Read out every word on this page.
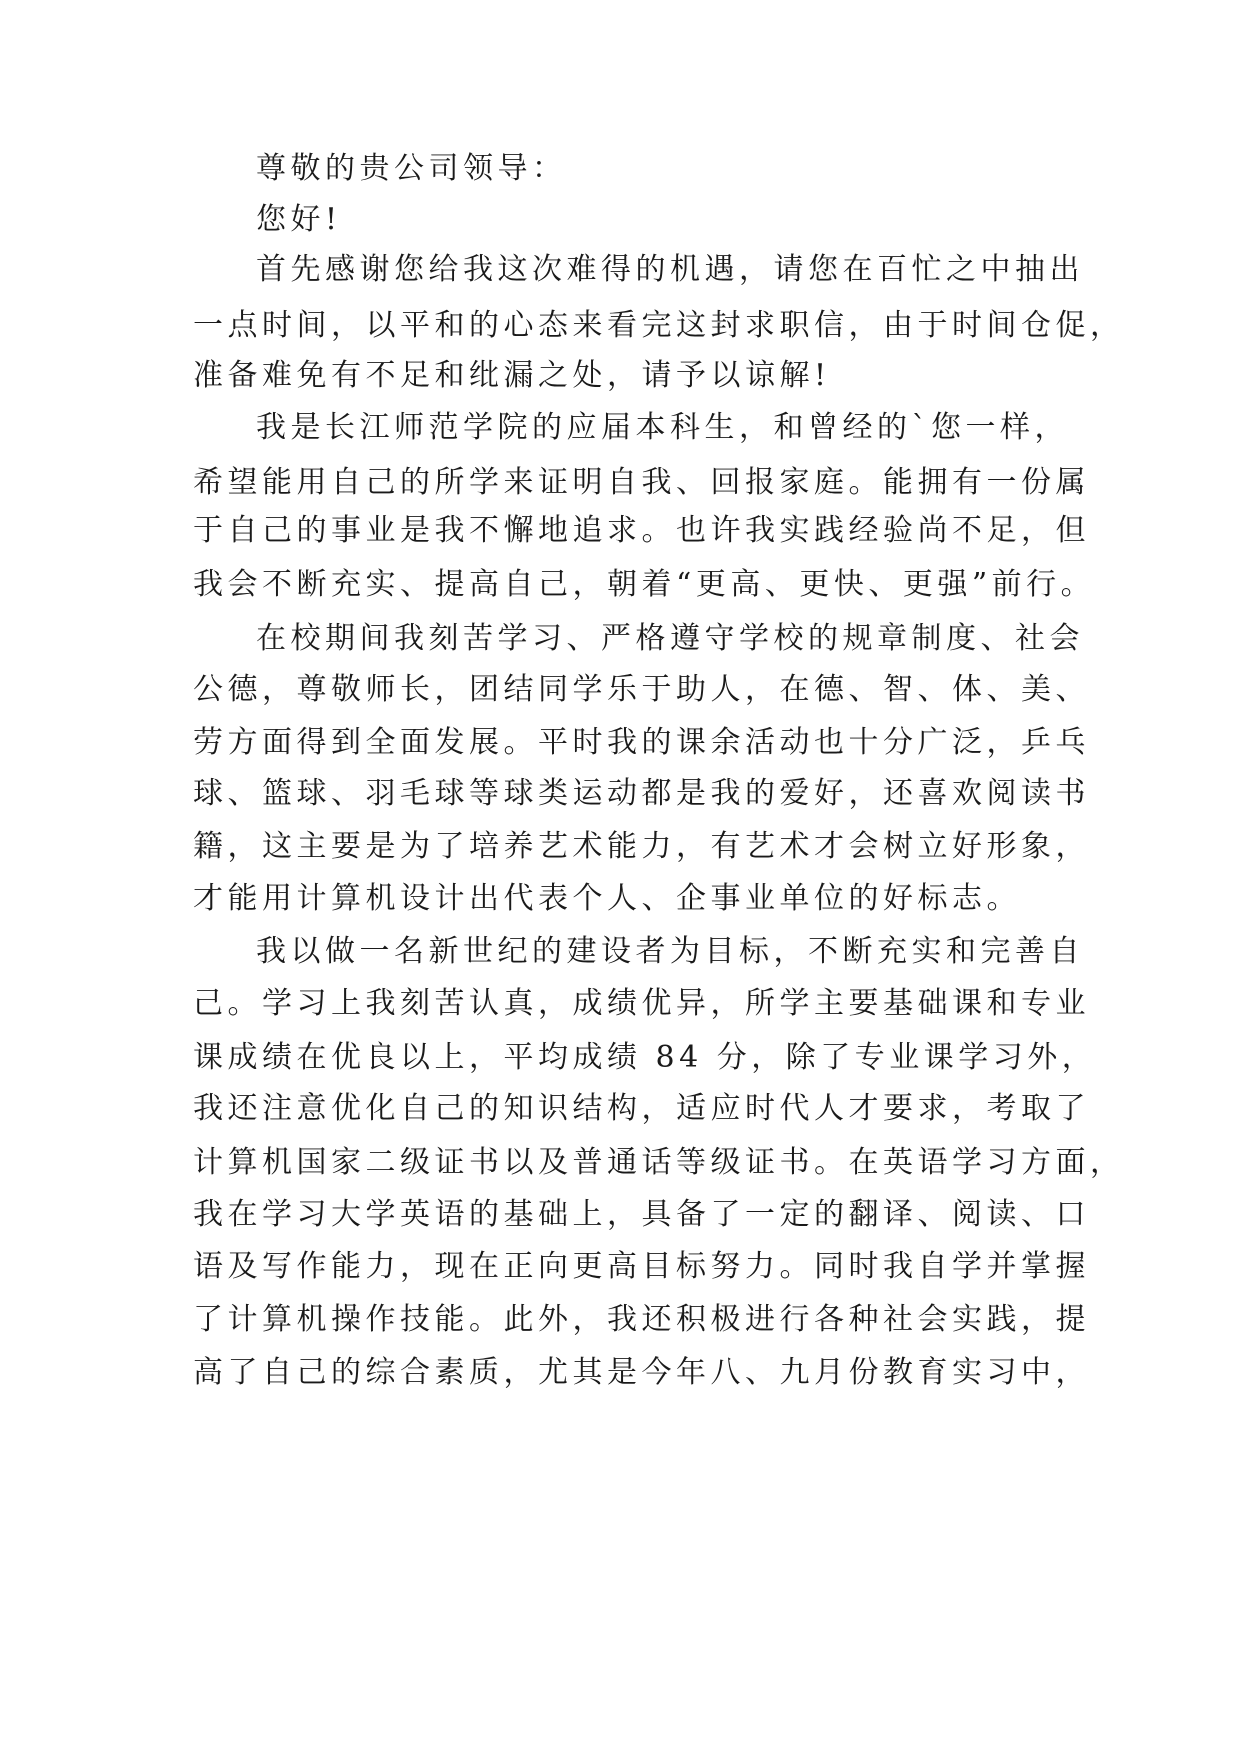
尊敬的贵公司领导：
您好!
首先感谢您给我这次难得的机遇，请您在百忙之中抽出
一点时间，以平和的心态来看完这封求职信，由于时间仓促，
准备难免有不足和纰漏之处，请予以谅解!
我是长江师范学院的应届本科生，和曾经的`您一样，
希望能用自己的所学来证明自我、回报家庭。能拥有一份属
于自己的事业是我不懈地追求。也许我实践经验尚不足，但
我会不断充实、提高自己，朝着“更高、更快、更强”前行。
在校期间我刻苦学习、严格遵守学校的规章制度、社会
公德，尊敬师长，团结同学乐于助人，在德、智、体、美、
劳方面得到全面发展。平时我的课余活动也十分广泛，乒乓
球、篮球、羽毛球等球类运动都是我的爱好，还喜欢阅读书
籍，这主要是为了培养艺术能力，有艺术才会树立好形象，
才能用计算机设计出代表个人、企事业单位的好标志。
我以做一名新世纪的建设者为目标，不断充实和完善自
己。学习上我刻苦认真，成绩优异，所学主要基础课和专业
课成绩在优良以上，平均成绩 84 分，除了专业课学习外，
我还注意优化自己的知识结构，适应时代人才要求，考取了
计算机国家二级证书以及普通话等级证书。在英语学习方面，
我在学习大学英语的基础上，具备了一定的翻译、阅读、口
语及写作能力，现在正向更高目标努力。同时我自学并掌握
了计算机操作技能。此外，我还积极进行各种社会实践，提
高了自己的综合素质，尤其是今年八、九月份教育实习中，
